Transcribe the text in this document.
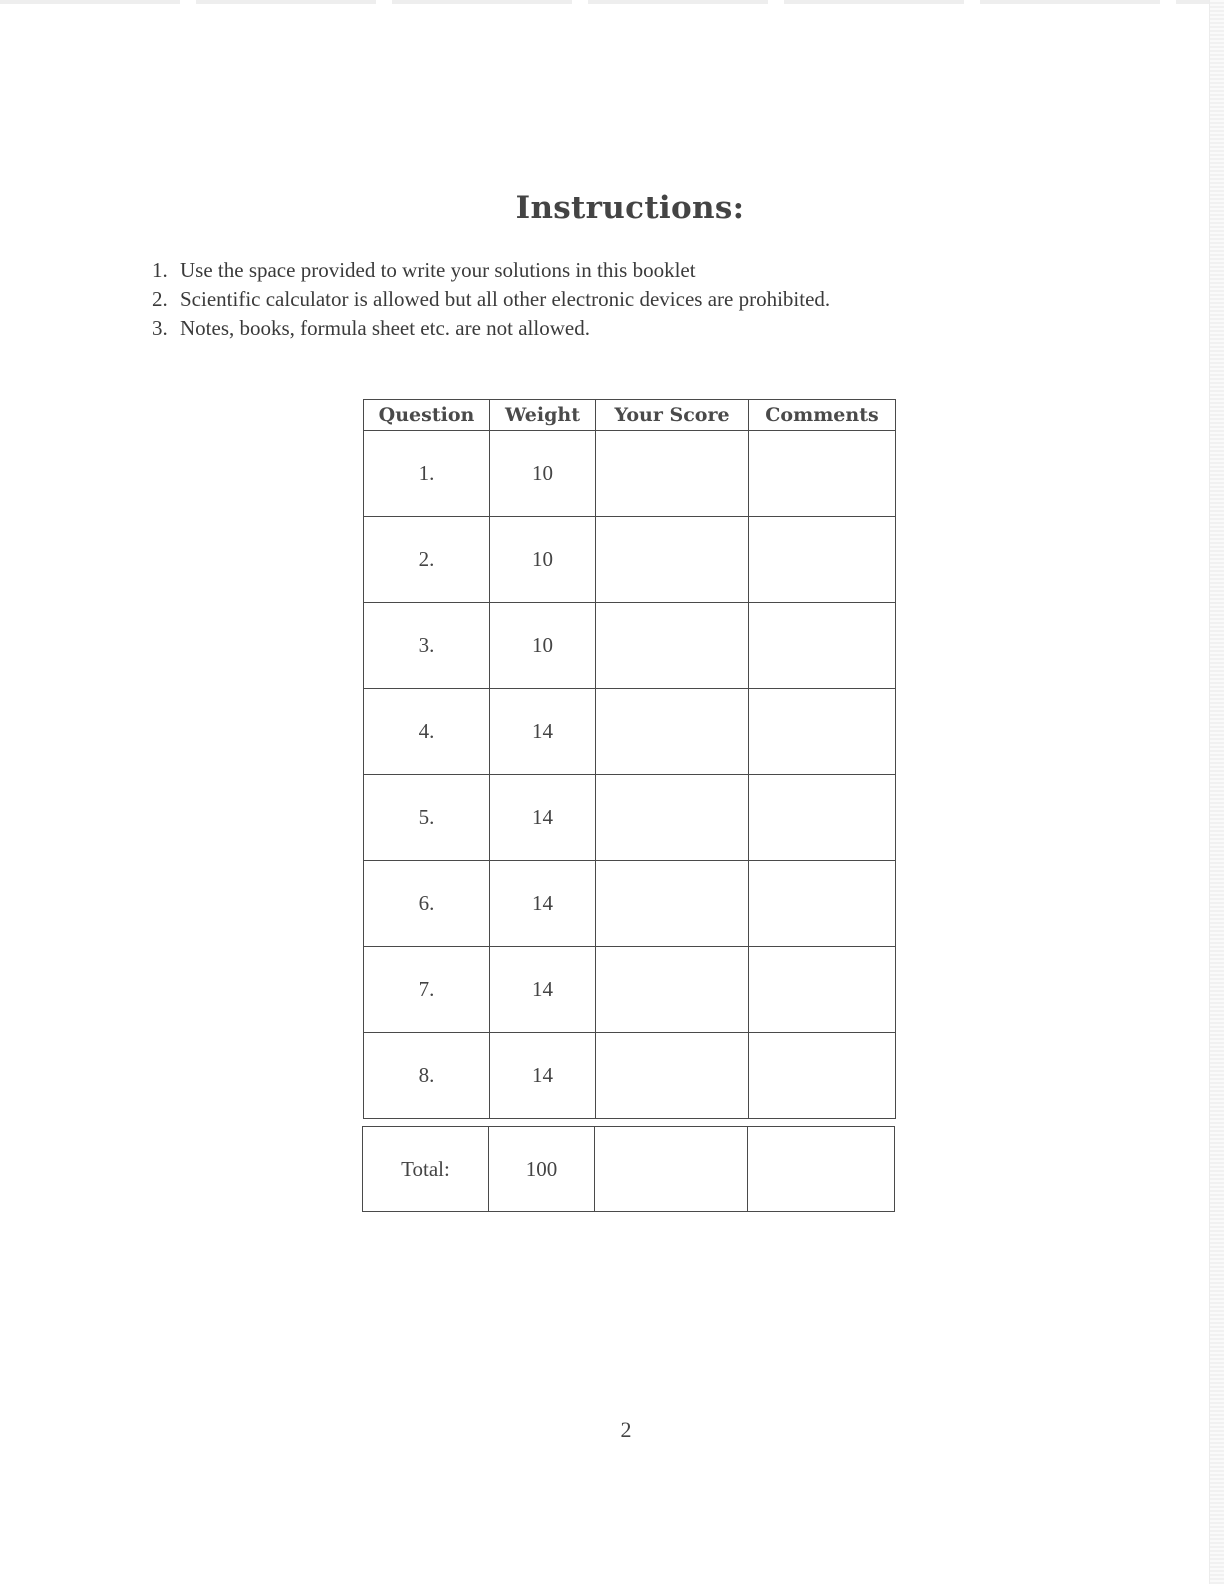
Instructions:
1. Use the space provided to write your solutions in this booklet
2. Scientific calculator is allowed but all other electronic devices are prohibited.
3. Notes, books, formula sheet etc. are not allowed.
Question	Weight	Your Score	Comments
1.	10		
2.	10		
3.	10		
4.	14		
5.	14		
6.	14		
7.	14		
8.	14		
Total:	100		
2
